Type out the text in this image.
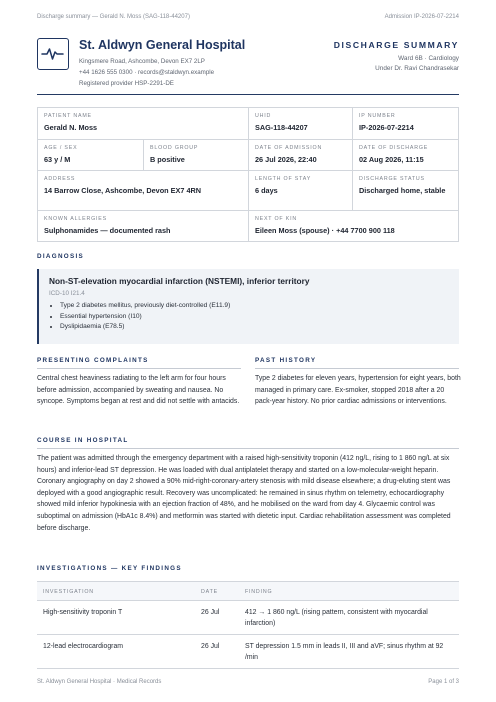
Discharge summary — Gerald N. Moss (SAG-118-44207)	Admission IP-2026-07-2214
St. Aldwyn General Hospital
Kingsmere Road, Ashcombe, Devon EX7 2LP
+44 1626 555 0300 · records@staldwyn.example
Registered provider HSP-2291-DE
DISCHARGE SUMMARY
Ward 6B · Cardiology
Under Dr. Ravi Chandrasekar
PATIENT NAME
Gerald N. Moss
UHID
SAG-118-44207
IP NUMBER
IP-2026-07-2214
AGE / SEX
63 y / M
BLOOD GROUP
B positive
DATE OF ADMISSION
26 Jul 2026, 22:40
DATE OF DISCHARGE
02 Aug 2026, 11:15
ADDRESS
14 Barrow Close, Ashcombe, Devon EX7 4RN
LENGTH OF STAY
6 days
DISCHARGE STATUS
Discharged home, stable
KNOWN ALLERGIES
Sulphonamides — documented rash
NEXT OF KIN
Eileen Moss (spouse) · +44 7700 900 118
DIAGNOSIS
Non-ST-elevation myocardial infarction (NSTEMI), inferior territory
ICD-10 I21.4
• Type 2 diabetes mellitus, previously diet-controlled (E11.9)
• Essential hypertension (I10)
• Dyslipidaemia (E78.5)
PRESENTING COMPLAINTS
Central chest heaviness radiating to the left arm for four hours before admission, accompanied by sweating and nausea. No syncope. Symptoms began at rest and did not settle with antacids.
PAST HISTORY
Type 2 diabetes for eleven years, hypertension for eight years, both managed in primary care. Ex-smoker, stopped 2018 after a 20 pack-year history. No prior cardiac admissions or interventions.
COURSE IN HOSPITAL
The patient was admitted through the emergency department with a raised high-sensitivity troponin (412 ng/L, rising to 1 860 ng/L at six hours) and inferior-lead ST depression. He was loaded with dual antiplatelet therapy and started on a low-molecular-weight heparin. Coronary angiography on day 2 showed a 90% mid-right-coronary-artery stenosis with mild disease elsewhere; a drug-eluting stent was deployed with a good angiographic result. Recovery was uncomplicated: he remained in sinus rhythm on telemetry, echocardiography showed mild inferior hypokinesia with an ejection fraction of 48%, and he mobilised on the ward from day 4. Glycaemic control was suboptimal on admission (HbA1c 8.4%) and metformin was started with dietetic input. Cardiac rehabilitation assessment was completed before discharge.
INVESTIGATIONS — KEY FINDINGS
INVESTIGATION	DATE	FINDING
High-sensitivity troponin T	26 Jul	412 → 1 860 ng/L (rising pattern, consistent with myocardial infarction)
12-lead electrocardiogram	26 Jul	ST depression 1.5 mm in leads II, III and aVF; sinus rhythm at 92 /min
St. Aldwyn General Hospital · Medical Records	Page 1 of 3
